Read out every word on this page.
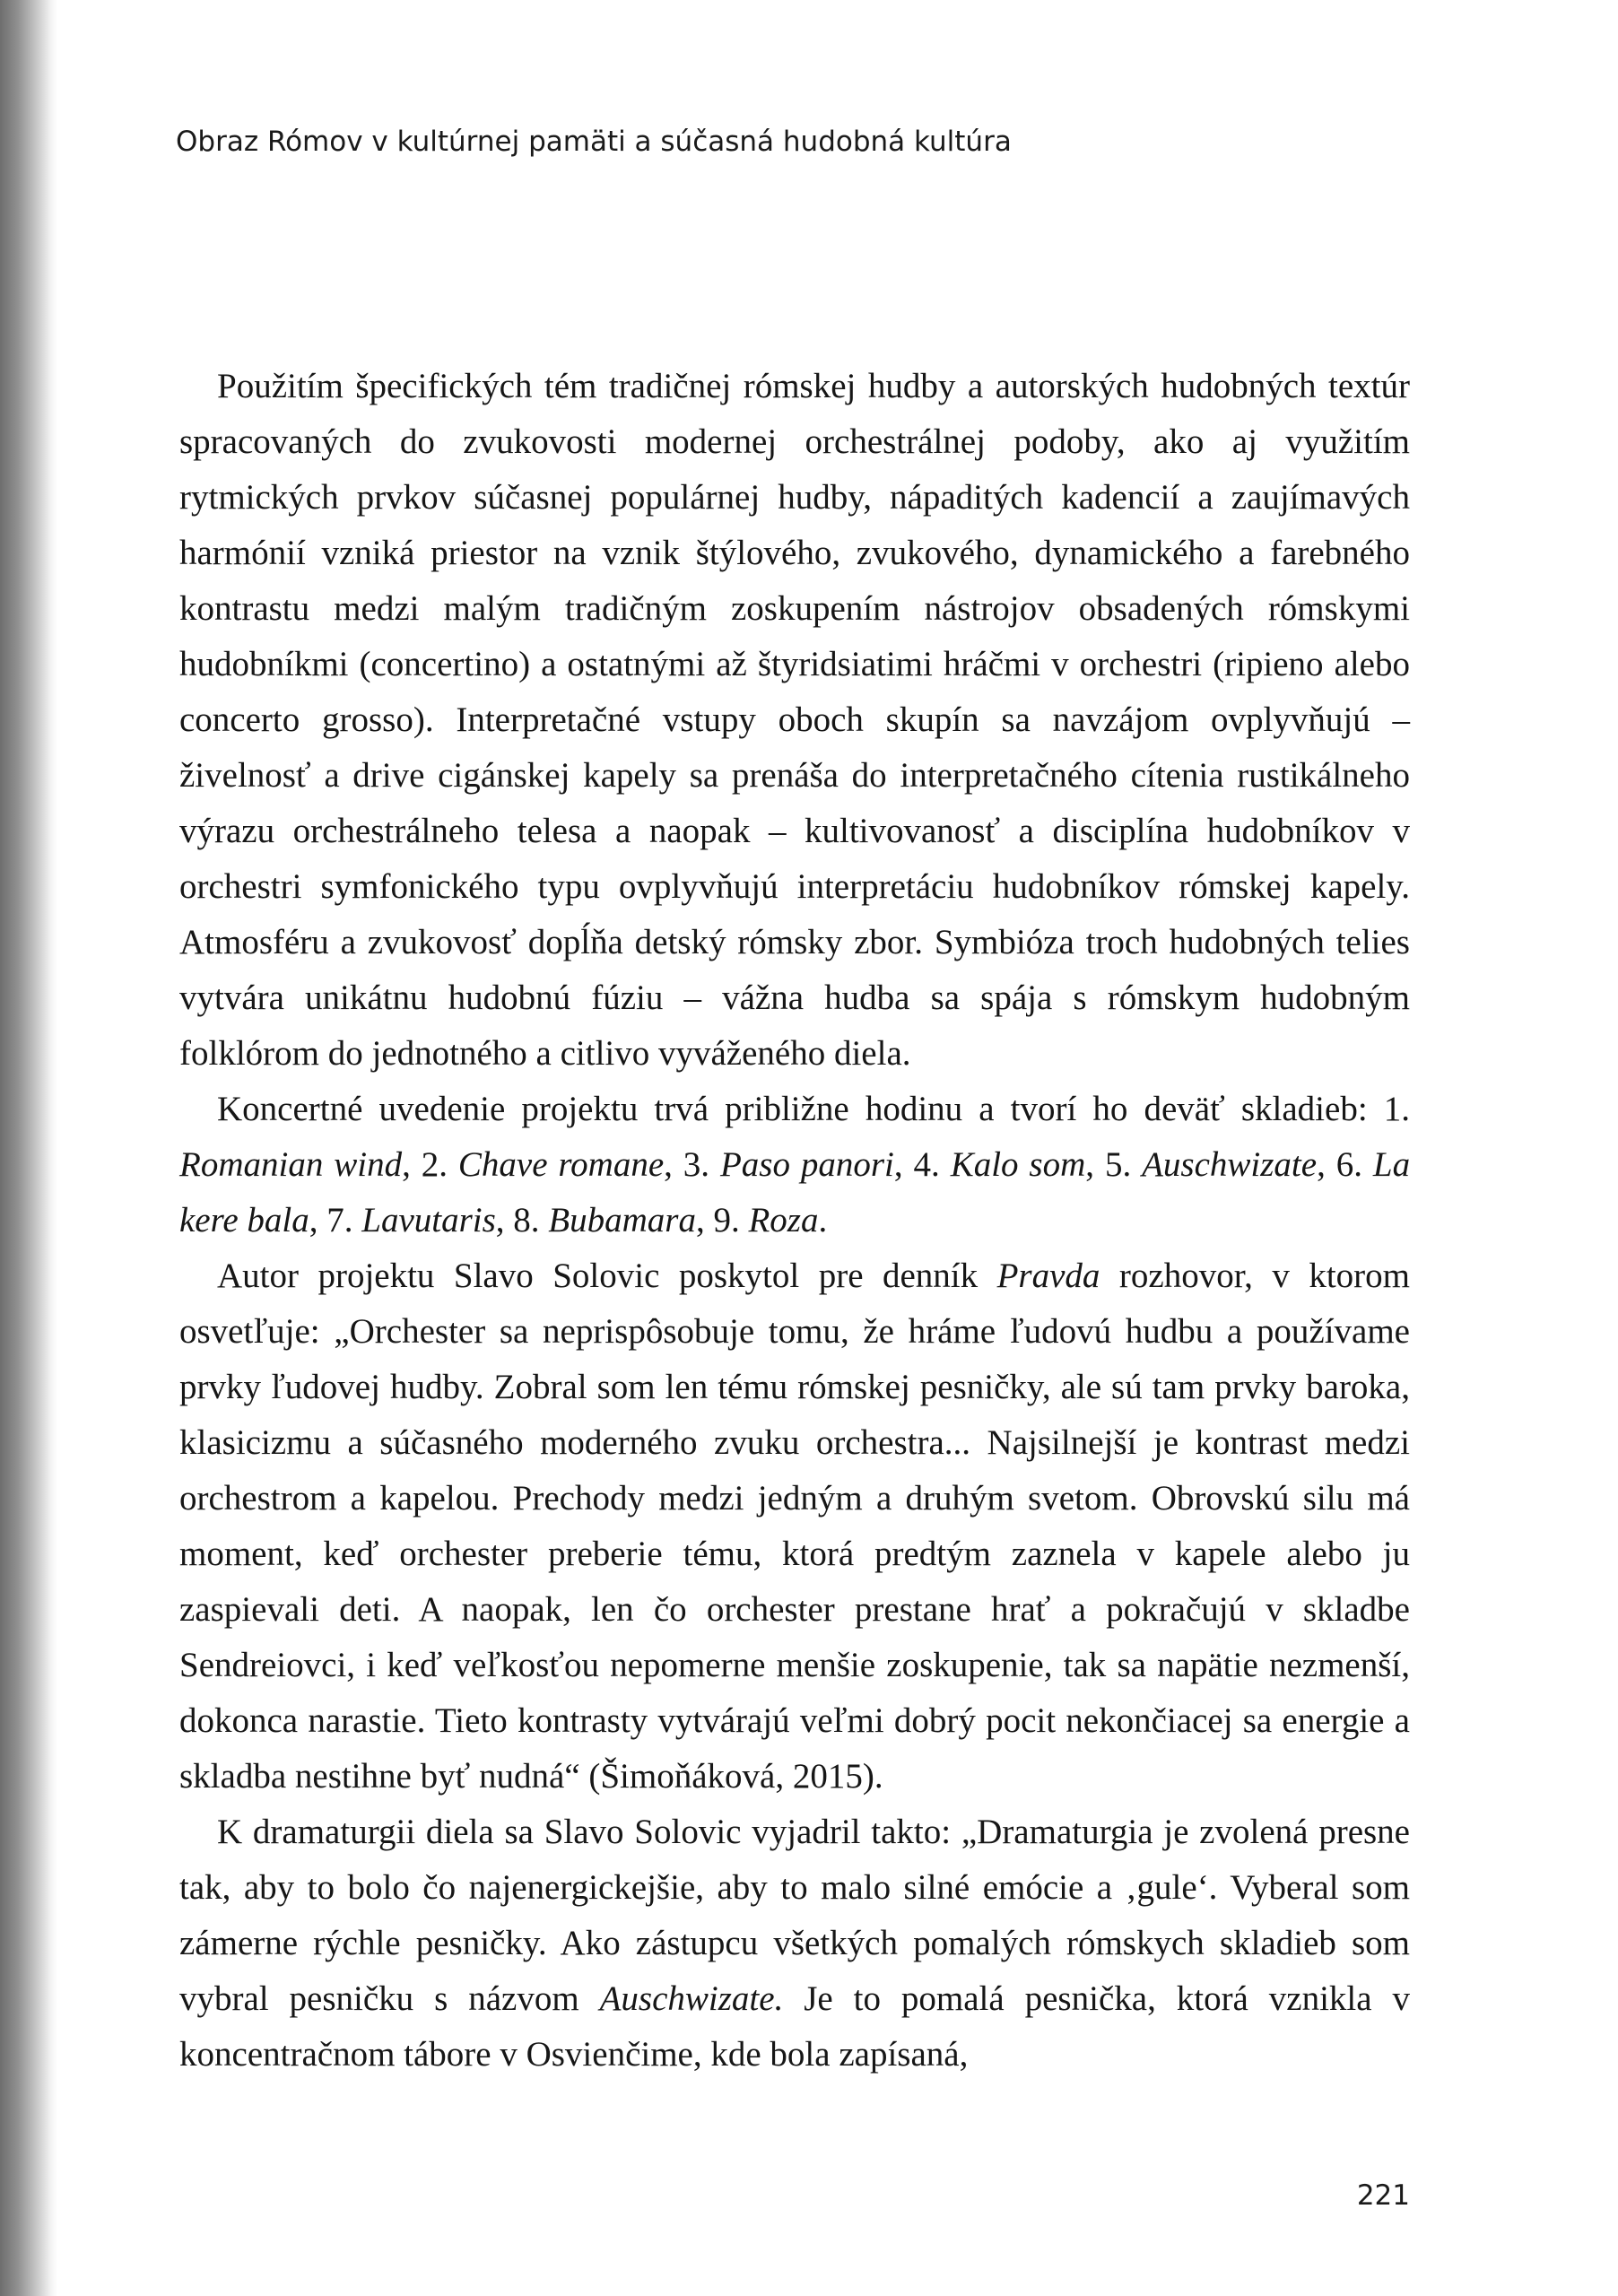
Obraz Rómov v kultúrnej pamäti a súčasná hudobná kultúra

Použitím špecifických tém tradičnej rómskej hudby a autorských hudobných textúr spracovaných do zvukovosti modernej orchestrálnej podoby, ako aj využitím rytmických prvkov súčasnej populárnej hudby, nápaditých kadencií a zaujímavých harmónií vzniká priestor na vznik štýlového, zvukového, dynamického a farebného kontrastu medzi malým tradičným zoskupením nástrojov obsadených rómskymi hudobníkmi (concertino) a ostatnými až štyridsiatimi hráčmi v orchestri (ripieno alebo concerto grosso). Interpretačné vstupy oboch skupín sa navzájom ovplyvňujú – živelnosť a drive cigánskej kapely sa prenáša do interpretačného cítenia rustikálneho výrazu orchestrálneho telesa a naopak – kultivovanosť a disciplína hudobníkov v orchestri symfonického typu ovplyvňujú interpretáciu hudobníkov rómskej kapely. Atmosféru a zvukovosť dopĺňa detský rómsky zbor. Symbióza troch hudobných telies vytvára unikátnu hudobnú fúziu – vážna hudba sa spája s rómskym hudobným folklórom do jednotného a citlivo vyváženého diela.

Koncertné uvedenie projektu trvá približne hodinu a tvorí ho deväť skladieb: 1. Romanian wind, 2. Chave romane, 3. Paso panori, 4. Kalo som, 5. Auschwizate, 6. La kere bala, 7. Lavutaris, 8. Bubamara, 9. Roza.

Autor projektu Slavo Solovic poskytol pre denník Pravda rozhovor, v ktorom osvetľuje: „Orchester sa neprispôsobuje tomu, že hráme ľudovú hudbu a používame prvky ľudovej hudby. Zobral som len tému rómskej pesničky, ale sú tam prvky baroka, klasicizmu a súčasného moderného zvuku orchestra... Najsilnejší je kontrast medzi orchestrom a kapelou. Prechody medzi jedným a druhým svetom. Obrovskú silu má moment, keď orchester preberie tému, ktorá predtým zaznela v kapele alebo ju zaspievali deti. A naopak, len čo orchester prestane hrať a pokračujú v skladbe Sendreiovci, i keď veľkosťou nepomerne menšie zoskupenie, tak sa napätie nezmenší, dokonca narastie. Tieto kontrasty vytvárajú veľmi dobrý pocit nekončiacej sa energie a skladba nestihne byť nudná“ (Šimoňáková, 2015).

K dramaturgii diela sa Slavo Solovic vyjadril takto: „Dramaturgia je zvolená presne tak, aby to bolo čo najenergickejšie, aby to malo silné emócie a ‚gule‘. Vyberal som zámerne rýchle pesničky. Ako zástupcu všetkých pomalých rómskych skladieb som vybral pesničku s názvom Auschwizate. Je to pomalá pesnička, ktorá vznikla v koncentračnom tábore v Osvienčime, kde bola zapísaná,

221
